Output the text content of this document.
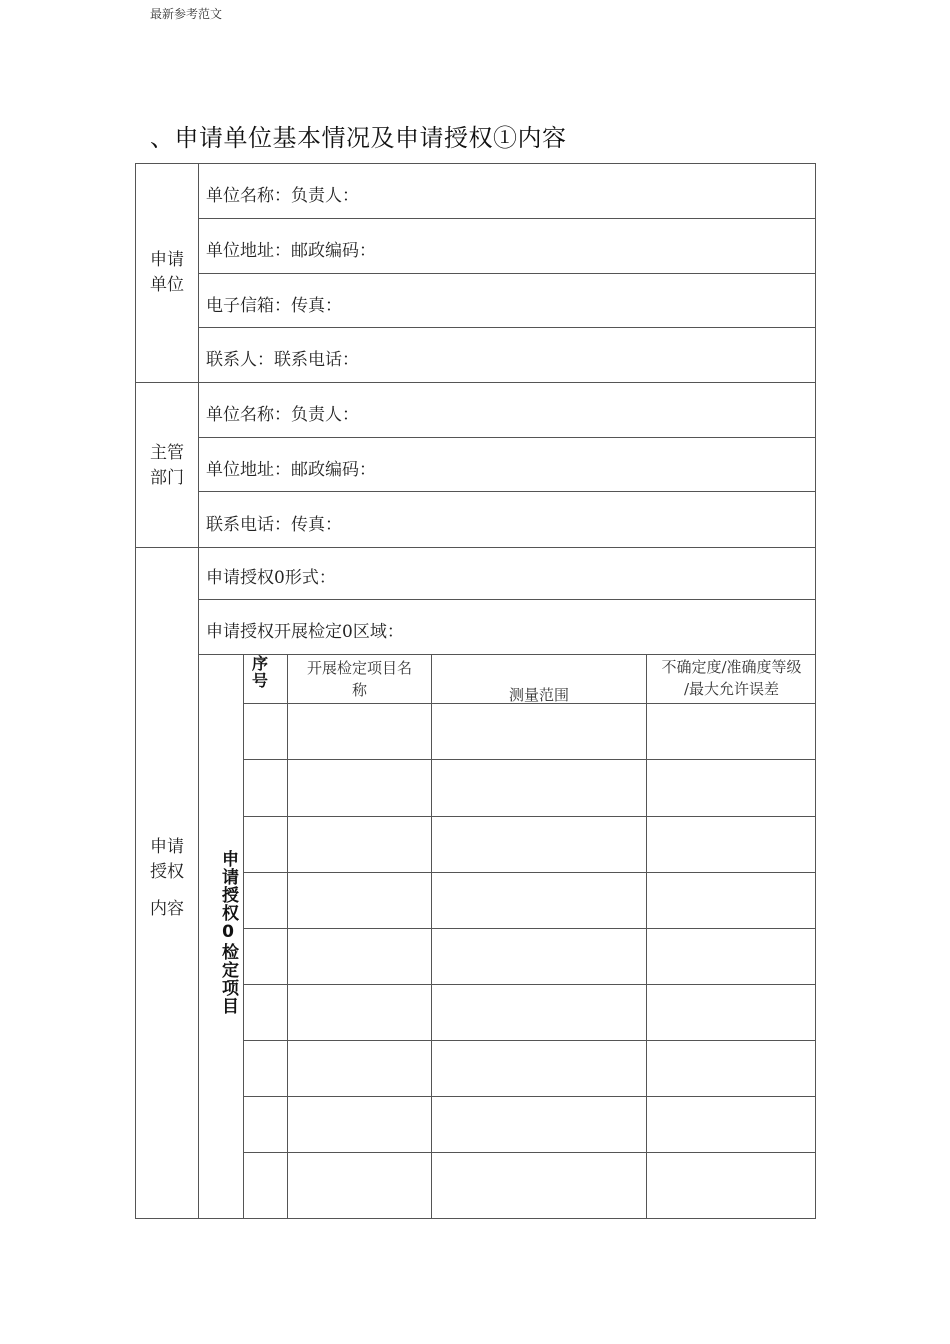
最新参考范文
、申请单位基本情况及申请授权①内容
申请
单位
单位名称：负责人：
单位地址：邮政编码：
电子信箱：传真：
联系人：联系电话：
主管
部门
单位名称：负责人：
单位地址：邮政编码：
联系电话：传真：
申请
授权
内容
申请授权0形式：
申请授权开展检定0区域：
申请授权0检定项目
序号
开展检定项目名
称	测量范围
不确定度/准确度等级
/最大允许误差
